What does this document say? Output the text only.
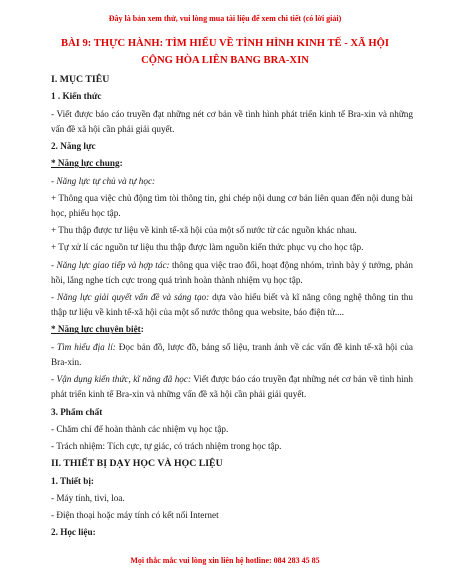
Đây là bản xem thử, vui lòng mua tài liệu để xem chi tiết (có lời giải)
BÀI 9: THỰC HÀNH: TÌM HIỂU VỀ TÌNH HÌNH KINH TẾ - XÃ HỘI
CỘNG HÒA LIÊN BANG BRA-XIN

I. MỤC TIÊU

1 . Kiến thức

- Viết được báo cáo truyền đạt những nét cơ bản về tình hình phát triển kinh tế Bra-xin và những vấn đề xã hội cần phải giải quyết.

2. Năng lực

* Năng lực chung:

- Năng lực tự chủ và tự học:

+ Thông qua việc chủ động tìm tòi thông tin, ghi chép nội dung cơ bản liên quan đến nội dung bài học, phiếu học tập.

+ Thu thập được tư liệu về kinh tế-xã hội của một số nước từ các nguồn khác nhau.

+ Tự xử lí các nguồn tư liệu thu thập được làm nguồn kiến thức phục vụ cho học tập.

- Năng lực giao tiếp và hợp tác: thông qua việc trao đổi, hoạt động nhóm, trình bày ý tưởng, phản hồi, lắng nghe tích cực trong quá trình hoàn thành nhiệm vụ học tập.

- Năng lực giải quyết vấn đề và sáng tạo: dựa vào hiểu biết và kĩ năng công nghệ thông tin thu thập tư liệu về kinh tế-xã hội của một số nước thông qua website, báo điện tử....

* Năng lực chuyên biệt:

- Tìm hiểu địa lí: Đọc bản đồ, lược đồ, bảng số liệu, tranh ảnh về các vấn đề kinh tế-xã hội của Bra-xin.

- Vận dụng kiến thức, kĩ năng đã học: Viết được báo cáo truyền đạt những nét cơ bản về tình hình phát triển kinh tế Bra-xin và những vấn đề xã hội cần phải giải quyết.

3. Phẩm chất

- Chăm chỉ để hoàn thành các nhiệm vụ học tập.

- Trách nhiệm: Tích cực, tự giác, có trách nhiệm trong học tập.

II. THIẾT BỊ DẠY HỌC VÀ HỌC LIỆU

1. Thiết bị:

- Máy tính, tivi, loa.

- Điện thoại hoặc máy tính có kết nối Internet

2. Học liệu:

Mọi thắc mắc vui lòng xin liên hệ hotline: 084 283 45 85
